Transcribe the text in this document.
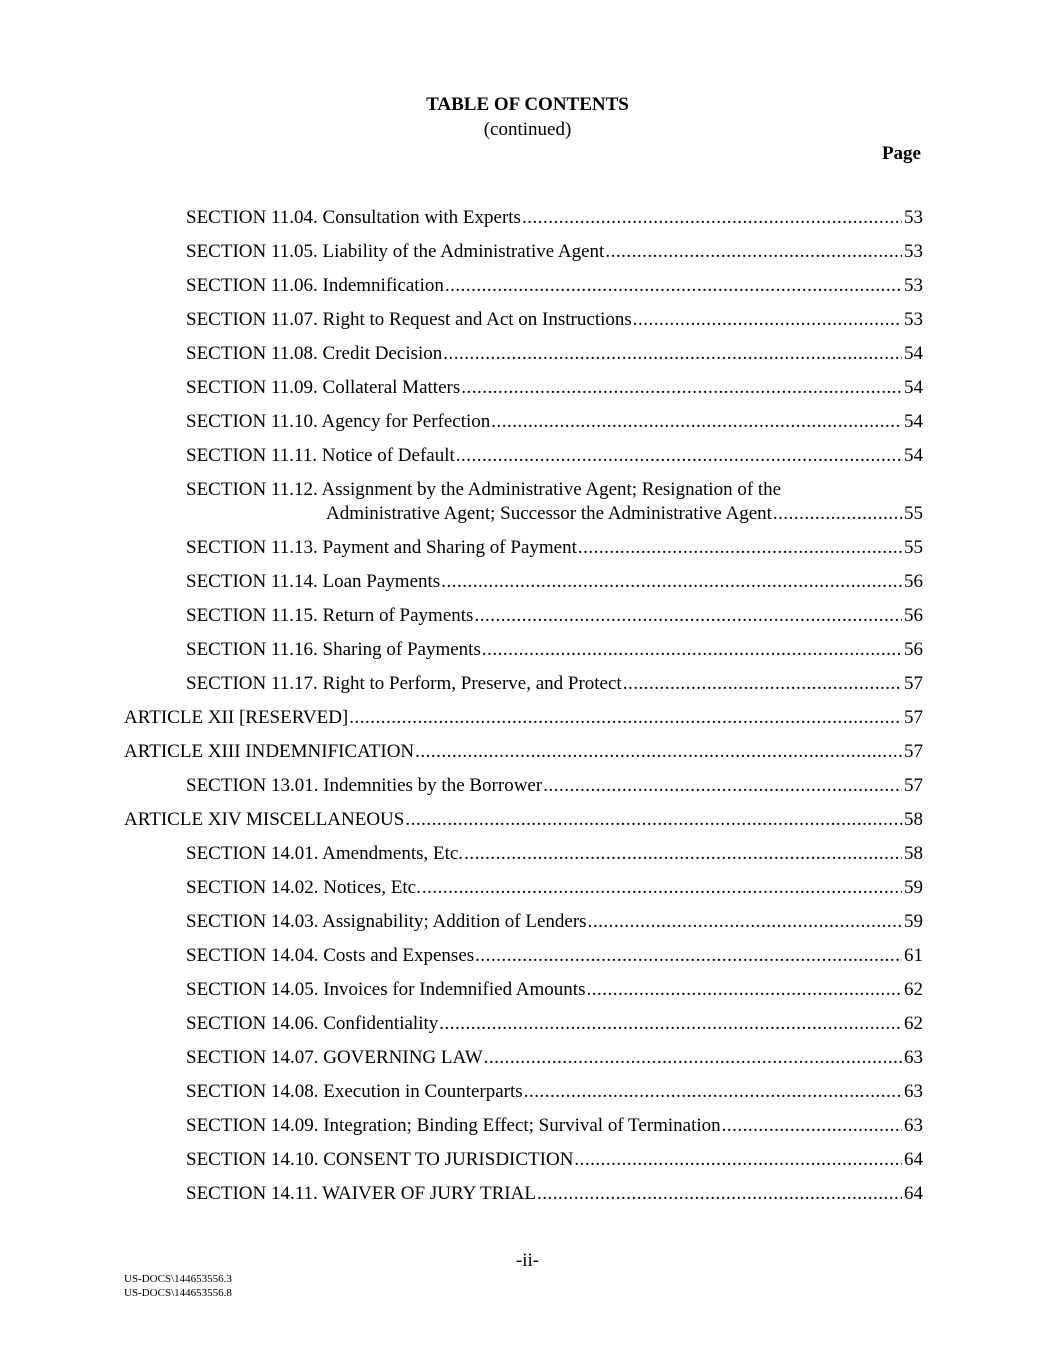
TABLE OF CONTENTS
(continued)
Page
SECTION 11.04. Consultation with Experts .....	53
SECTION 11.05. Liability of the Administrative Agent .....	53
SECTION 11.06. Indemnification .....	53
SECTION 11.07. Right to Request and Act on Instructions .....	53
SECTION 11.08. Credit Decision .....	54
SECTION 11.09. Collateral Matters .....	54
SECTION 11.10. Agency for Perfection .....	54
SECTION 11.11. Notice of Default .....	54
SECTION 11.12. Assignment by the Administrative Agent; Resignation of the
Administrative Agent; Successor the Administrative Agent .....	55
SECTION 11.13. Payment and Sharing of Payment .....	55
SECTION 11.14. Loan Payments .....	56
SECTION 11.15. Return of Payments .....	56
SECTION 11.16. Sharing of Payments .....	56
SECTION 11.17. Right to Perform, Preserve, and Protect .....	57
ARTICLE XII [RESERVED] .....	57
ARTICLE XIII INDEMNIFICATION .....	57
SECTION 13.01. Indemnities by the Borrower .....	57
ARTICLE XIV MISCELLANEOUS .....	58
SECTION 14.01. Amendments, Etc. .....	58
SECTION 14.02. Notices, Etc. .....	59
SECTION 14.03. Assignability; Addition of Lenders .....	59
SECTION 14.04. Costs and Expenses .....	61
SECTION 14.05. Invoices for Indemnified Amounts .....	62
SECTION 14.06. Confidentiality .....	62
SECTION 14.07. GOVERNING LAW .....	63
SECTION 14.08. Execution in Counterparts .....	63
SECTION 14.09. Integration; Binding Effect; Survival of Termination .....	63
SECTION 14.10. CONSENT TO JURISDICTION .....	64
SECTION 14.11. WAIVER OF JURY TRIAL .....	64
-ii-
US-DOCS\144653556.3
US-DOCS\144653556.8
